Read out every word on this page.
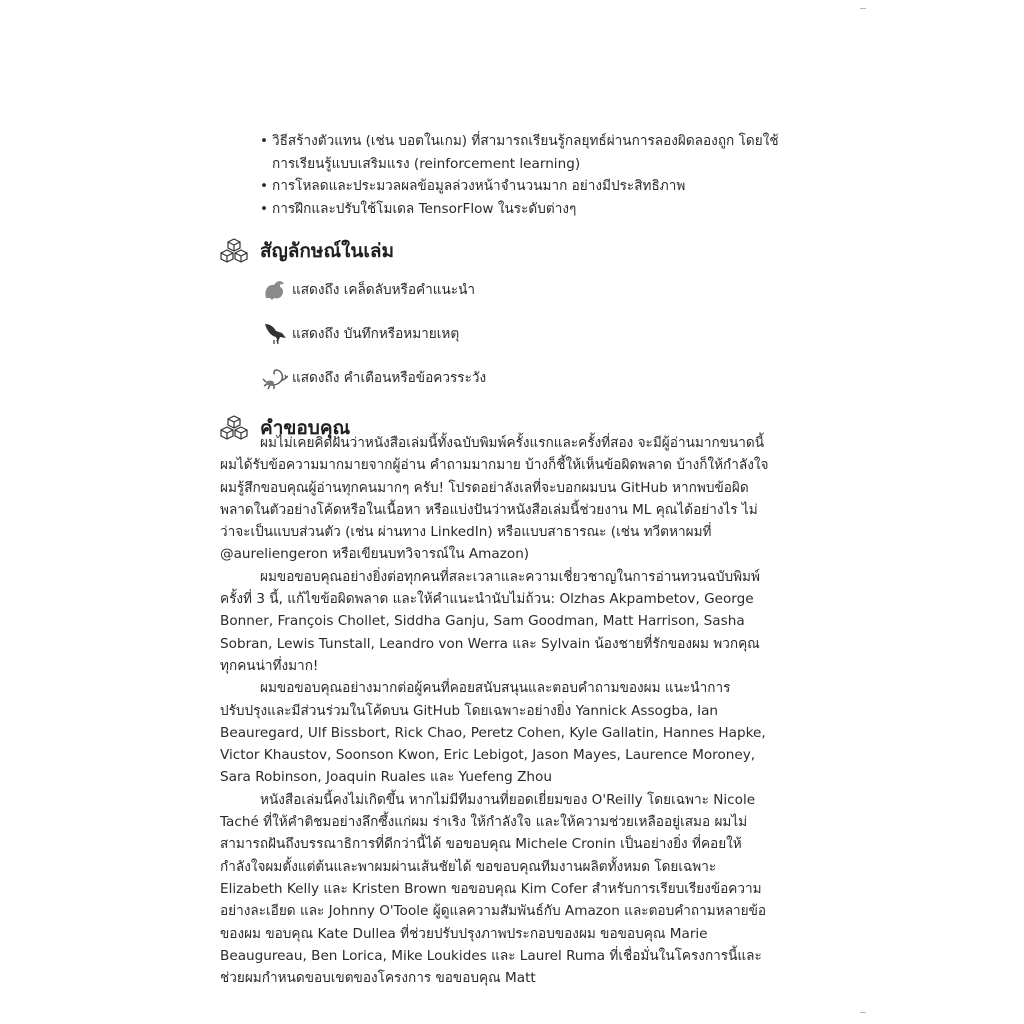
• วิธีสร้างตัวแทน (เช่น บอตในเกม) ที่สามารถเรียนรู้กลยุทธ์ผ่านการลองผิดลองถูก โดยใช้การเรียนรู้แบบเสริมแรง (reinforcement learning)
• การโหลดและประมวลผลข้อมูลล่วงหน้าจำนวนมาก อย่างมีประสิทธิภาพ
• การฝึกและปรับใช้โมเดล TensorFlow ในระดับต่างๆ
สัญลักษณ์ในเล่ม
แสดงถึง เคล็ดลับหรือคำแนะนำ
แสดงถึง บันทึกหรือหมายเหตุ
แสดงถึง คำเตือนหรือข้อควรระวัง
คำขอบคุณ

ผมไม่เคยคิดฝันว่าหนังสือเล่มนี้ทั้งฉบับพิมพ์ครั้งแรกและครั้งที่สอง จะมีผู้อ่านมากขนาดนี้ ผมได้รับข้อความมากมายจากผู้อ่าน คำถามมากมาย บ้างก็ชี้ให้เห็นข้อผิดพลาด บ้างก็ให้กำลังใจ ผมรู้สึกขอบคุณผู้อ่านทุกคนมากๆ ครับ! โปรดอย่าลังเลที่จะบอกผมบน GitHub หากพบข้อผิดพลาดในตัวอย่างโค้ดหรือในเนื้อหา หรือแบ่งปันว่าหนังสือเล่มนี้ช่วยงาน ML คุณได้อย่างไร ไม่ว่าจะเป็นแบบส่วนตัว (เช่น ผ่านทาง LinkedIn) หรือแบบสาธารณะ (เช่น ทวีตหาผมที่ @aureliengeron หรือเขียนบทวิจารณ์ใน Amazon)

ผมขอขอบคุณอย่างยิ่งต่อทุกคนที่สละเวลาและความเชี่ยวชาญในการอ่านทวนฉบับพิมพ์ครั้งที่ 3 นี้, แก้ไขข้อผิดพลาด และให้คำแนะนำนับไม่ถ้วน: Olzhas Akpambetov, George Bonner, François Chollet, Siddha Ganju, Sam Goodman, Matt Harrison, Sasha Sobran, Lewis Tunstall, Leandro von Werra และ Sylvain น้องชายที่รักของผม พวกคุณทุกคนน่าทึ่งมาก!

ผมขอขอบคุณอย่างมากต่อผู้คนที่คอยสนับสนุนและตอบคำถามของผม แนะนำการปรับปรุงและมีส่วนร่วมในโค้ดบน GitHub โดยเฉพาะอย่างยิ่ง Yannick Assogba, Ian Beauregard, Ulf Bissbort, Rick Chao, Peretz Cohen, Kyle Gallatin, Hannes Hapke, Victor Khaustov, Soonson Kwon, Eric Lebigot, Jason Mayes, Laurence Moroney, Sara Robinson, Joaquin Ruales และ Yuefeng Zhou

หนังสือเล่มนี้คงไม่เกิดขึ้น หากไม่มีทีมงานที่ยอดเยี่ยมของ O'Reilly โดยเฉพาะ Nicole Taché ที่ให้คำติชมอย่างลึกซึ้งแก่ผม ร่าเริง ให้กำลังใจ และให้ความช่วยเหลืออยู่เสมอ ผมไม่สามารถฝันถึงบรรณาธิการที่ดีกว่านี้ได้ ขอขอบคุณ Michele Cronin เป็นอย่างยิ่ง ที่คอยให้กำลังใจผมตั้งแต่ต้นและพาผมผ่านเส้นชัยได้ ขอขอบคุณทีมงานผลิตทั้งหมด โดยเฉพาะ Elizabeth Kelly และ Kristen Brown ขอขอบคุณ Kim Cofer สำหรับการเรียบเรียงข้อความอย่างละเอียด และ Johnny O'Toole ผู้ดูแลความสัมพันธ์กับ Amazon และตอบคำถามหลายข้อของผม ขอบคุณ Kate Dullea ที่ช่วยปรับปรุงภาพประกอบของผม ขอขอบคุณ Marie Beaugureau, Ben Lorica, Mike Loukides และ Laurel Ruma ที่เชื่อมั่นในโครงการนี้และช่วยผมกำหนดขอบเขตของโครงการ ขอขอบคุณ Matt
